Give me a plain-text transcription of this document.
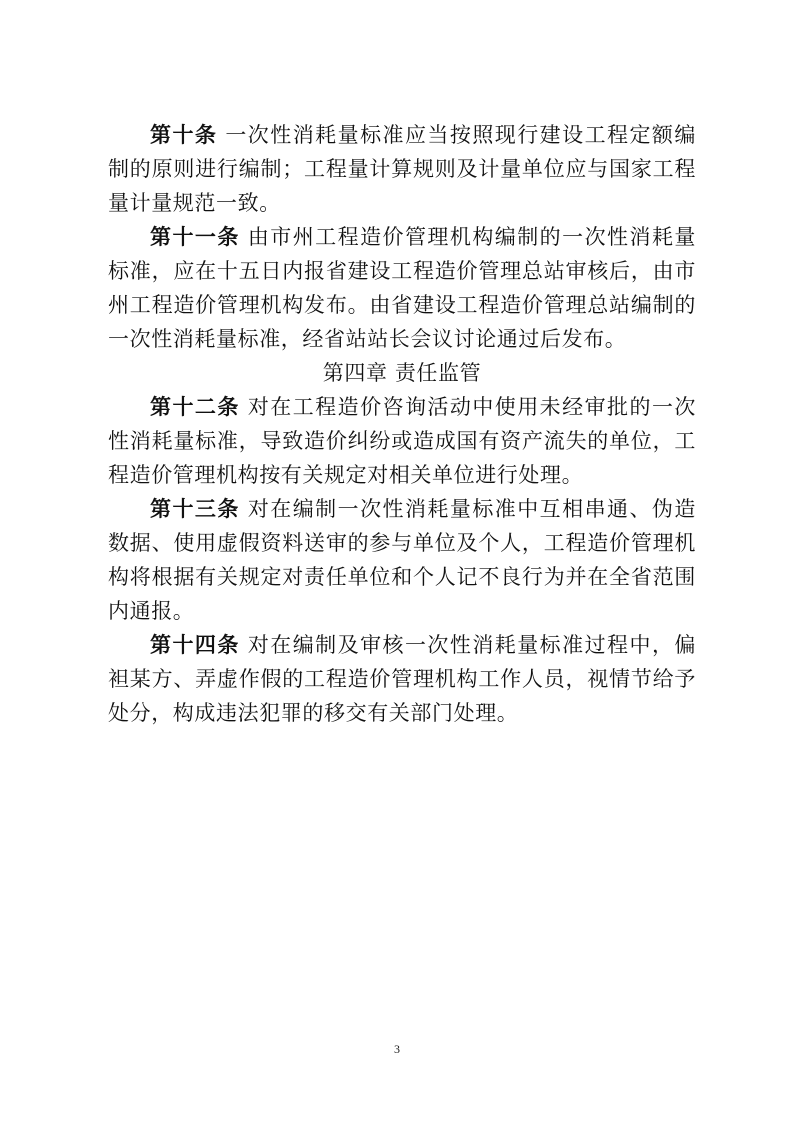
第十条 一次性消耗量标准应当按照现行建设工程定额编制的原则进行编制；工程量计算规则及计量单位应与国家工程量计量规范一致。

第十一条 由市州工程造价管理机构编制的一次性消耗量标准，应在十五日内报省建设工程造价管理总站审核后，由市州工程造价管理机构发布。由省建设工程造价管理总站编制的一次性消耗量标准，经省站站长会议讨论通过后发布。

第四章 责任监管

第十二条 对在工程造价咨询活动中使用未经审批的一次性消耗量标准，导致造价纠纷或造成国有资产流失的单位，工程造价管理机构按有关规定对相关单位进行处理。

第十三条 对在编制一次性消耗量标准中互相串通、伪造数据、使用虚假资料送审的参与单位及个人，工程造价管理机构将根据有关规定对责任单位和个人记不良行为并在全省范围内通报。

第十四条 对在编制及审核一次性消耗量标准过程中，偏袒某方、弄虚作假的工程造价管理机构工作人员，视情节给予处分，构成违法犯罪的移交有关部门处理。

3
